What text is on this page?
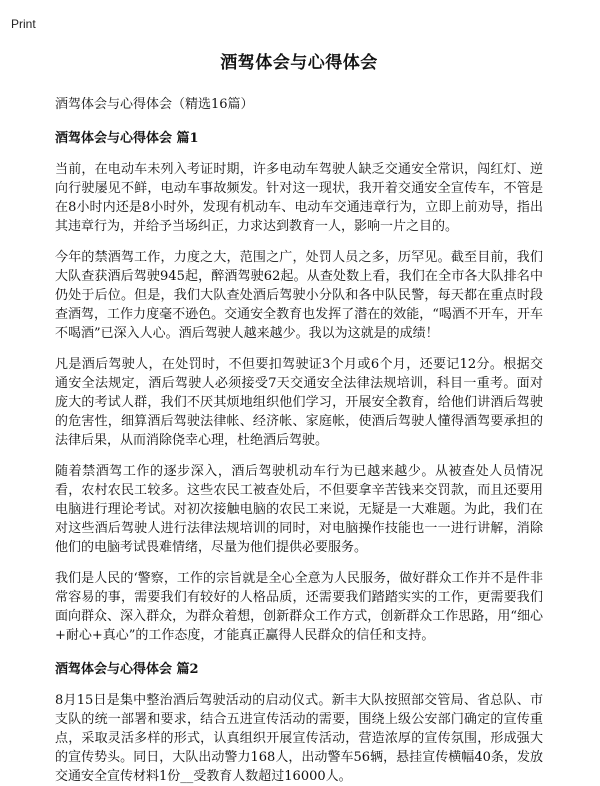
Print
酒驾体会与心得体会

酒驾体会与心得体会（精选16篇）

酒驾体会与心得体会 篇1

当前，在电动车未列入考证时期，许多电动车驾驶人缺乏交通安全常识，闯红灯、逆向行驶屡见不鲜，电动车事故频发。针对这一现状，我开着交通安全宣传车，不管是在8小时内还是8小时外，发现有机动车、电动车交通违章行为，立即上前劝导，指出其违章行为，并给予当场纠正，力求达到教育一人，影响一片之目的。

今年的禁酒驾工作，力度之大，范围之广，处罚人员之多，历罕见。截至目前，我们大队查获酒后驾驶945起，醉酒驾驶62起。从查处数上看，我们在全市各大队排名中仍处于后位。但是，我们大队查处酒后驾驶小分队和各中队民警，每天都在重点时段查酒驾，工作力度毫不逊色。交通安全教育也发挥了潜在的效能，“喝酒不开车，开车不喝酒”已深入人心。酒后驾驶人越来越少。我以为这就是的成绩！

凡是酒后驾驶人，在处罚时，不但要扣驾驶证3个月或6个月，还要记12分。根据交通安全法规定，酒后驾驶人必须接受7天交通安全法律法规培训，科目一重考。面对庞大的考试人群，我们不厌其烦地组织他们学习，开展安全教育，给他们讲酒后驾驶的危害性，细算酒后驾驶法律帐、经济帐、家庭帐，使酒后驾驶人懂得酒驾要承担的法律后果，从而消除侥幸心理，杜绝酒后驾驶。

随着禁酒驾工作的逐步深入，酒后驾驶机动车行为已越来越少。从被查处人员情况看，农村农民工较多。这些农民工被查处后，不但要拿辛苦钱来交罚款，而且还要用电脑进行理论考试。对初次接触电脑的农民工来说，无疑是一大难题。为此，我们在对这些酒后驾驶人进行法律法规培训的同时，对电脑操作技能也一一进行讲解，消除他们的电脑考试畏难情绪，尽量为他们提供必要服务。

我们是人民的‘警察，工作的宗旨就是全心全意为人民服务，做好群众工作并不是件非常容易的事，需要我们有较好的人格品质，还需要我们踏踏实实的工作，更需要我们面向群众、深入群众，为群众着想，创新群众工作方式，创新群众工作思路，用“细心+耐心+真心”的工作态度，才能真正赢得人民群众的信任和支持。

酒驾体会与心得体会 篇2

8月15日是集中整治酒后驾驶活动的启动仪式。新丰大队按照部交管局、省总队、市支队的统一部署和要求，结合五进宣传活动的需要，围绕上级公安部门确定的宣传重点，采取灵活多样的形式，认真组织开展宣传活动，营造浓厚的宣传氛围，形成强大的宣传势头。同日，大队出动警力168人，出动警车56辆，悬挂宣传横幅40条，发放交通安全宣传材料1份__受教育人数超过16000人。
